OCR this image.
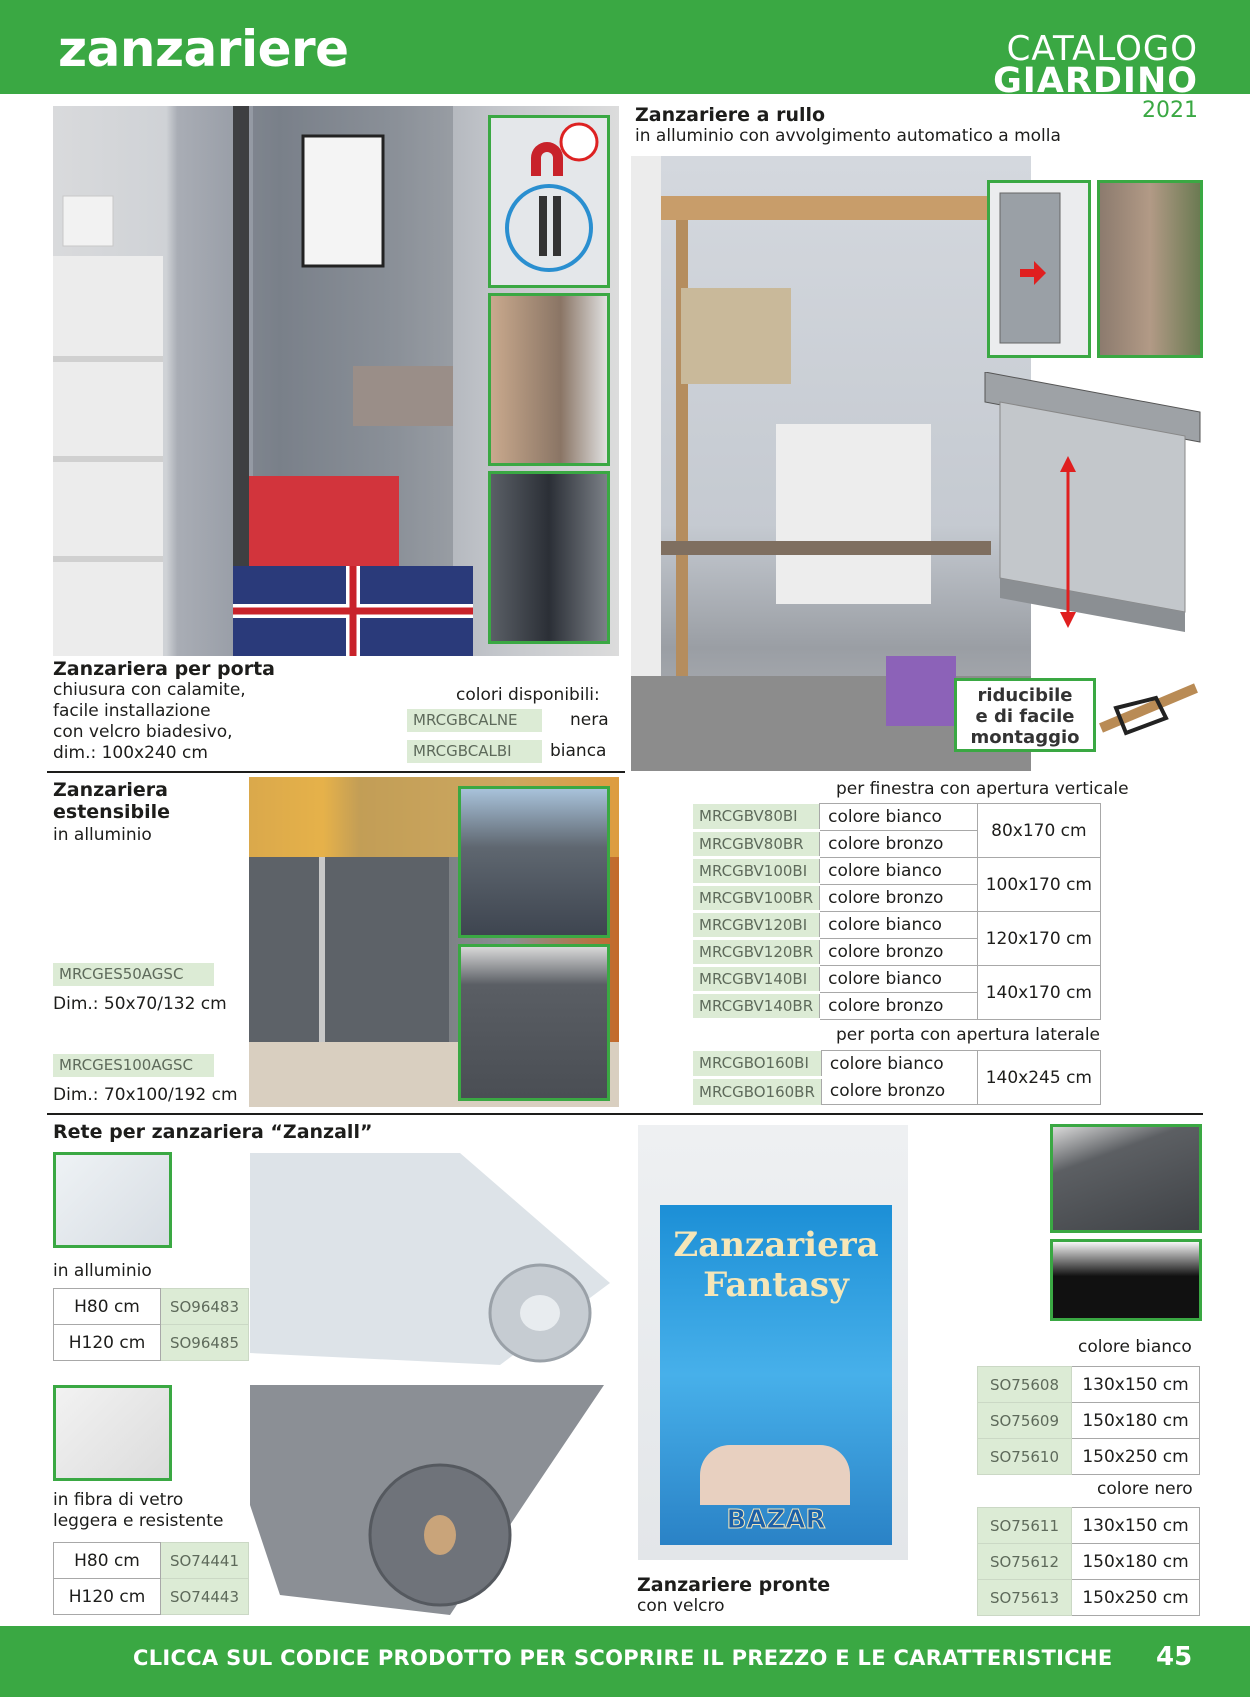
zanzariere	CATALOGO
GIARDINO
2021
Zanzariera per porta
chiusura con calamite,
facile installazione
con velcro biadesivo,
dim.: 100x240 cm
colori disponibili:
MRCGBCALNE	nera
MRCGBCALBI	bianca
Zanzariere a rullo
in alluminio con avvolgimento automatico a molla
riducibile
e di facile
montaggio
per finestra con apertura verticale
MRCGBV80BI	colore bianco	80x170 cm
MRCGBV80BR	colore bronzo	
MRCGBV100BI	colore bianco	100x170 cm
MRCGBV100BR	colore bronzo	
MRCGBV120BI	colore bianco	120x170 cm
MRCGBV120BR	colore bronzo	
MRCGBV140BI	colore bianco	140x170 cm
MRCGBV140BR	colore bronzo	
per porta con apertura laterale
MRCGBO160BI	colore bianco	140x245 cm
MRCGBO160BR	colore bronzo	
Zanzariera
estensibile
in alluminio
MRCGES50AGSC
Dim.: 50x70/132 cm
MRCGES100AGSC
Dim.: 70x100/192 cm
Rete per zanzariera “Zanzall”
in alluminio
H80 cm	SO96483
H120 cm	SO96485
in fibra di vetro
leggera e resistente
H80 cm	SO74441
H120 cm	SO74443
Zanzariera
Fantasy
BAZAR
Zanzariere pronte
con velcro
colore bianco
SO75608	130x150 cm
SO75609	150x180 cm
SO75610	150x250 cm
colore nero
SO75611	130x150 cm
SO75612	150x180 cm
SO75613	150x250 cm
CLICCA SUL CODICE PRODOTTO PER SCOPRIRE IL PREZZO E LE CARATTERISTICHE 45
